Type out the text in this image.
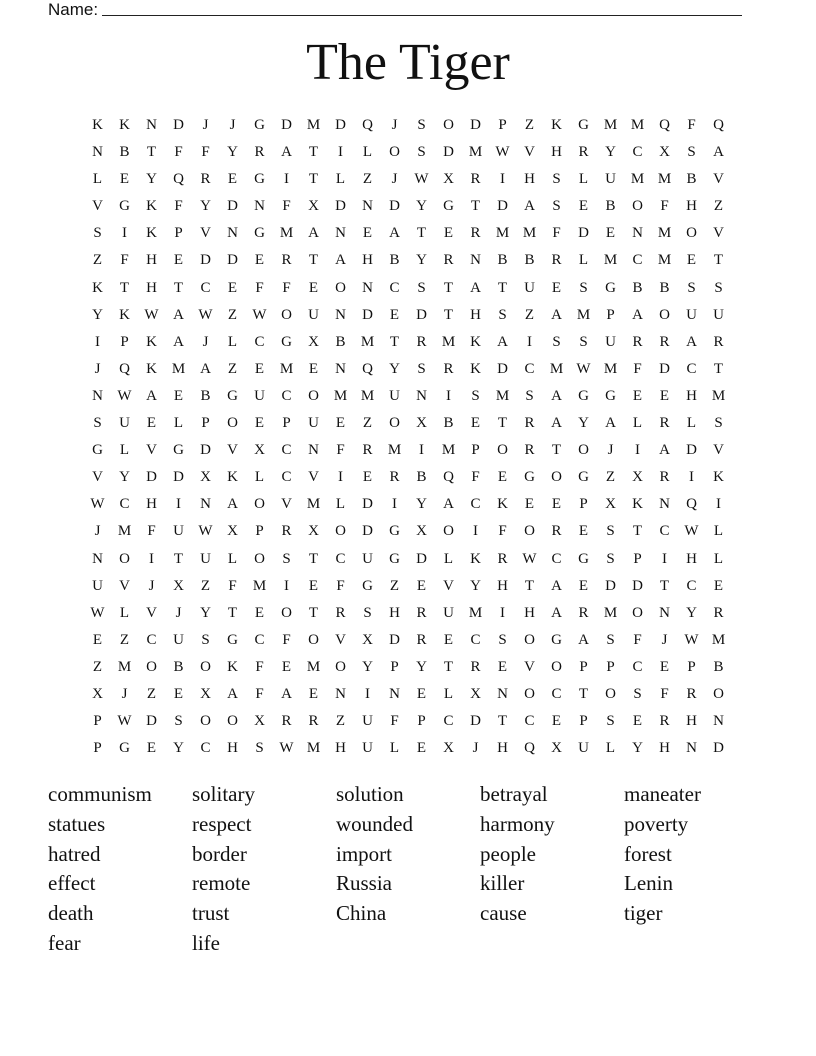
Name:
The Tiger
K	K	N	D	J	J	G	D M D	Q	J	S	O	D	P	Z	K	G M M Q	F	Q
N	B	T	F	F	Y	R	A	T	I	L	O	S	D M W V	H	R	Y	C	X	S	A
L	E	Y	Q	R	E	G	I	T	L	Z	J	W X	R	I	H	S	L	U M M	B	V
V	G	K	F	Y	D	N	F	X	D	N	D	Y	G	T	D	A	S	E	B	O	F	H	Z
S	I	K	P	V	N	G M A	N	E	A	T	E	R	M M	F	D	E	N M O	V
Z	F	H	E	D	D	E	R	T	A	H	B	Y	R	N	B	B	R	L	M	C	M	E	T
K	T	H	T	C	E	F	F	E	O	N	C	S	T	A	T	U	E	S	G	B	B	S	S
Y	K W A W	Z	W O	U	N	D	E	D	T	H	S	Z	A M	P	A	O	U	U
I	P	K	A	J	L	C	G	X	B	M	T	R	M K	A	I	S	S	U	R	R	A	R
J	Q	K M A	Z	E	M	E	N	Q	Y	S	R	K	D	C	M W M	F	D	C	T
N W A	E	B	G	U	C	O M M U	N	I	S	M	S	A	G	G	E	E	H M
S	U	E	L	P	O	E	P	U	E	Z	O	X	B	E	T	R	A	Y	A	L	R	L	S
G	L	V	G	D	V	X	C	N	F	R	M	I	M	P	O	R	T	O	J	I	A	D	V
V	Y	D	D	X	K	L	C	V	I	E	R	B	Q	F	E	G	O	G	Z	X	R	I	K
W C	H	I	N	A	O	V M	L	D	I	Y	A	C	K	E	E	P	X	K	N	Q	I
J	M	F	U W X	P	R	X	O	D	G	X	O	I	F	O	R	E	S	T	C W	L
N	O	I	T	U	L	O	S	T	C	U	G	D	L	K	R W C	G	S	P	I	H	L
U	V	J	X	Z	F	M	I	E	F	G	Z	E	V	Y	H	T	A	E	D	D	T	C	E
W	L	V	J	Y	T	E	O	T	R	S	H	R	U M	I	H	A	R	M O	N	Y	R
E	Z	C	U	S	G	C	F	O	V	X	D	R	E	C	S	O	G	A	S	F	J	W M
Z	M O	B	O	K	F	E	M O	Y	P	Y	T	R	E	V	O	P	P	C	E	P	B
X	J	Z	E	X	A	F	A	E	N	I	N	E	L	X	N	O	C	T	O	S	F	R	O
P	W D	S	O	O	X	R	R	Z	U	F	P	C	D	T	C	E	P	S	E	R	H	N
P	G	E	Y	C	H	S	W M H	U	L	E	X	J	H	Q	X	U	L	Y	H	N	D
communism	solitary	solution	betrayal	maneater
statues	respect	wounded	harmony	poverty
hatred	border	import	people	forest
effect	remote	Russia	killer	Lenin
death	trust	China	cause	tiger
fear	life
